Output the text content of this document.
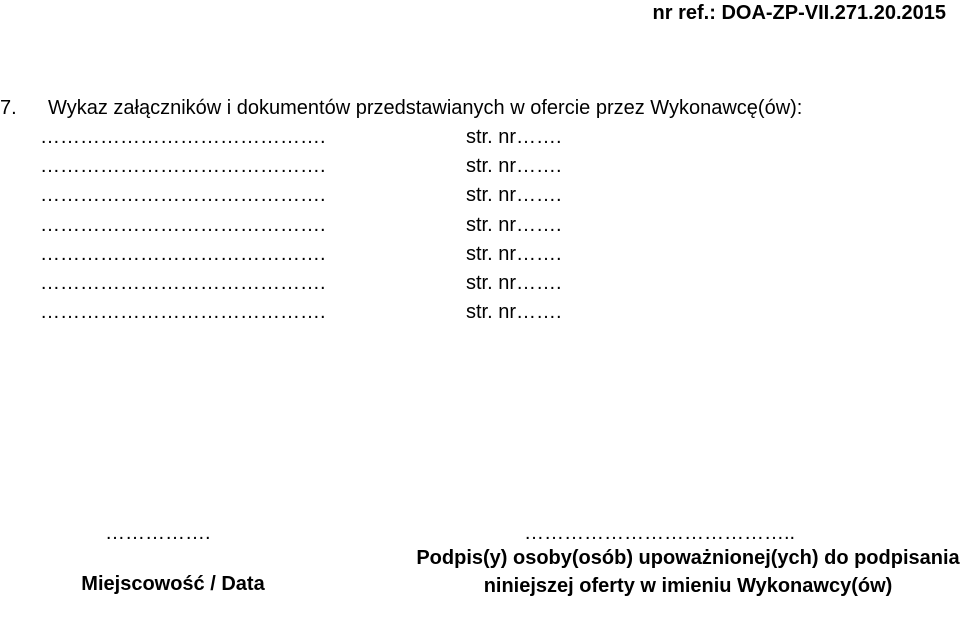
nr ref.: DOA-ZP-VII.271.20.2015
7. Wykaz załączników i dokumentów przedstawianych w ofercie przez Wykonawcę(ów):
…………………………………….	str. nr…….
…………………………………….	str. nr…….
…………………………………….	str. nr…….
…………………………………….	str. nr…….
…………………………………….	str. nr…….
…………………………………….	str. nr…….
…………………………………….	str. nr…….
…………….
Miejscowość / Data
…………………………………..
Podpis(y) osoby(osób) upoważnionej(ych) do podpisania niniejszej oferty w imieniu Wykonawcy(ów)
